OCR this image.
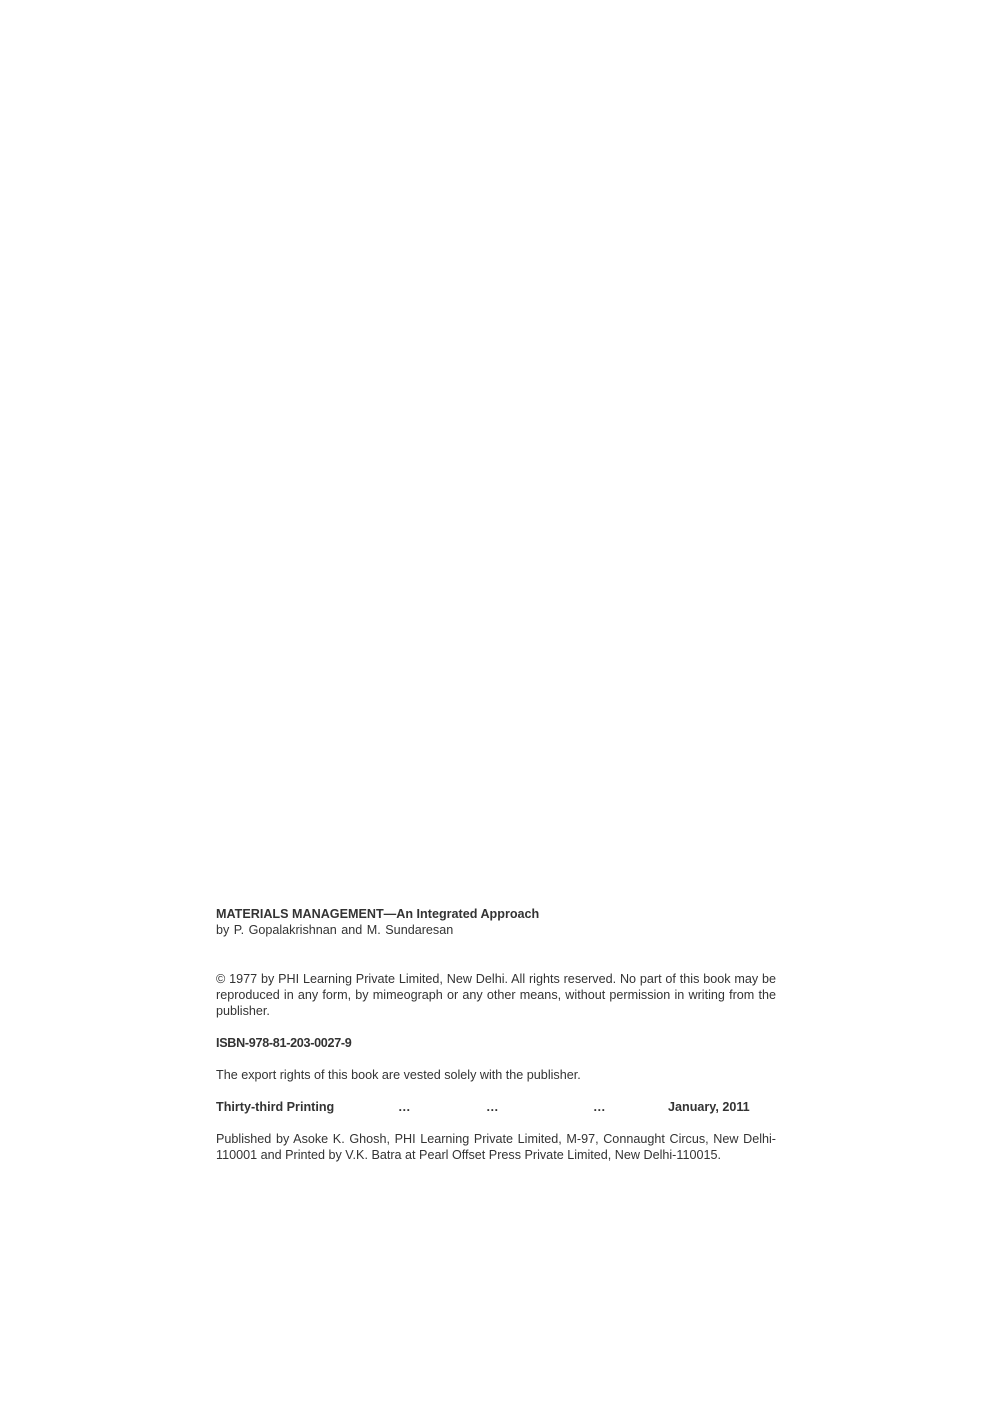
MATERIALS MANAGEMENT—An Integrated Approach

by P. Gopalakrishnan and M. Sundaresan

© 1977 by PHI Learning Private Limited, New Delhi. All rights reserved. No part of this book may be reproduced in any form, by mimeograph or any other means, without permission in writing from the publisher.

ISBN-978-81-203-0027-9

The export rights of this book are vested solely with the publisher.

Thirty-third Printing	…	…	…	January, 2011

Published by Asoke K. Ghosh, PHI Learning Private Limited, M-97, Connaught Circus, New Delhi-110001 and Printed by V.K. Batra at Pearl Offset Press Private Limited, New Delhi-110015.
